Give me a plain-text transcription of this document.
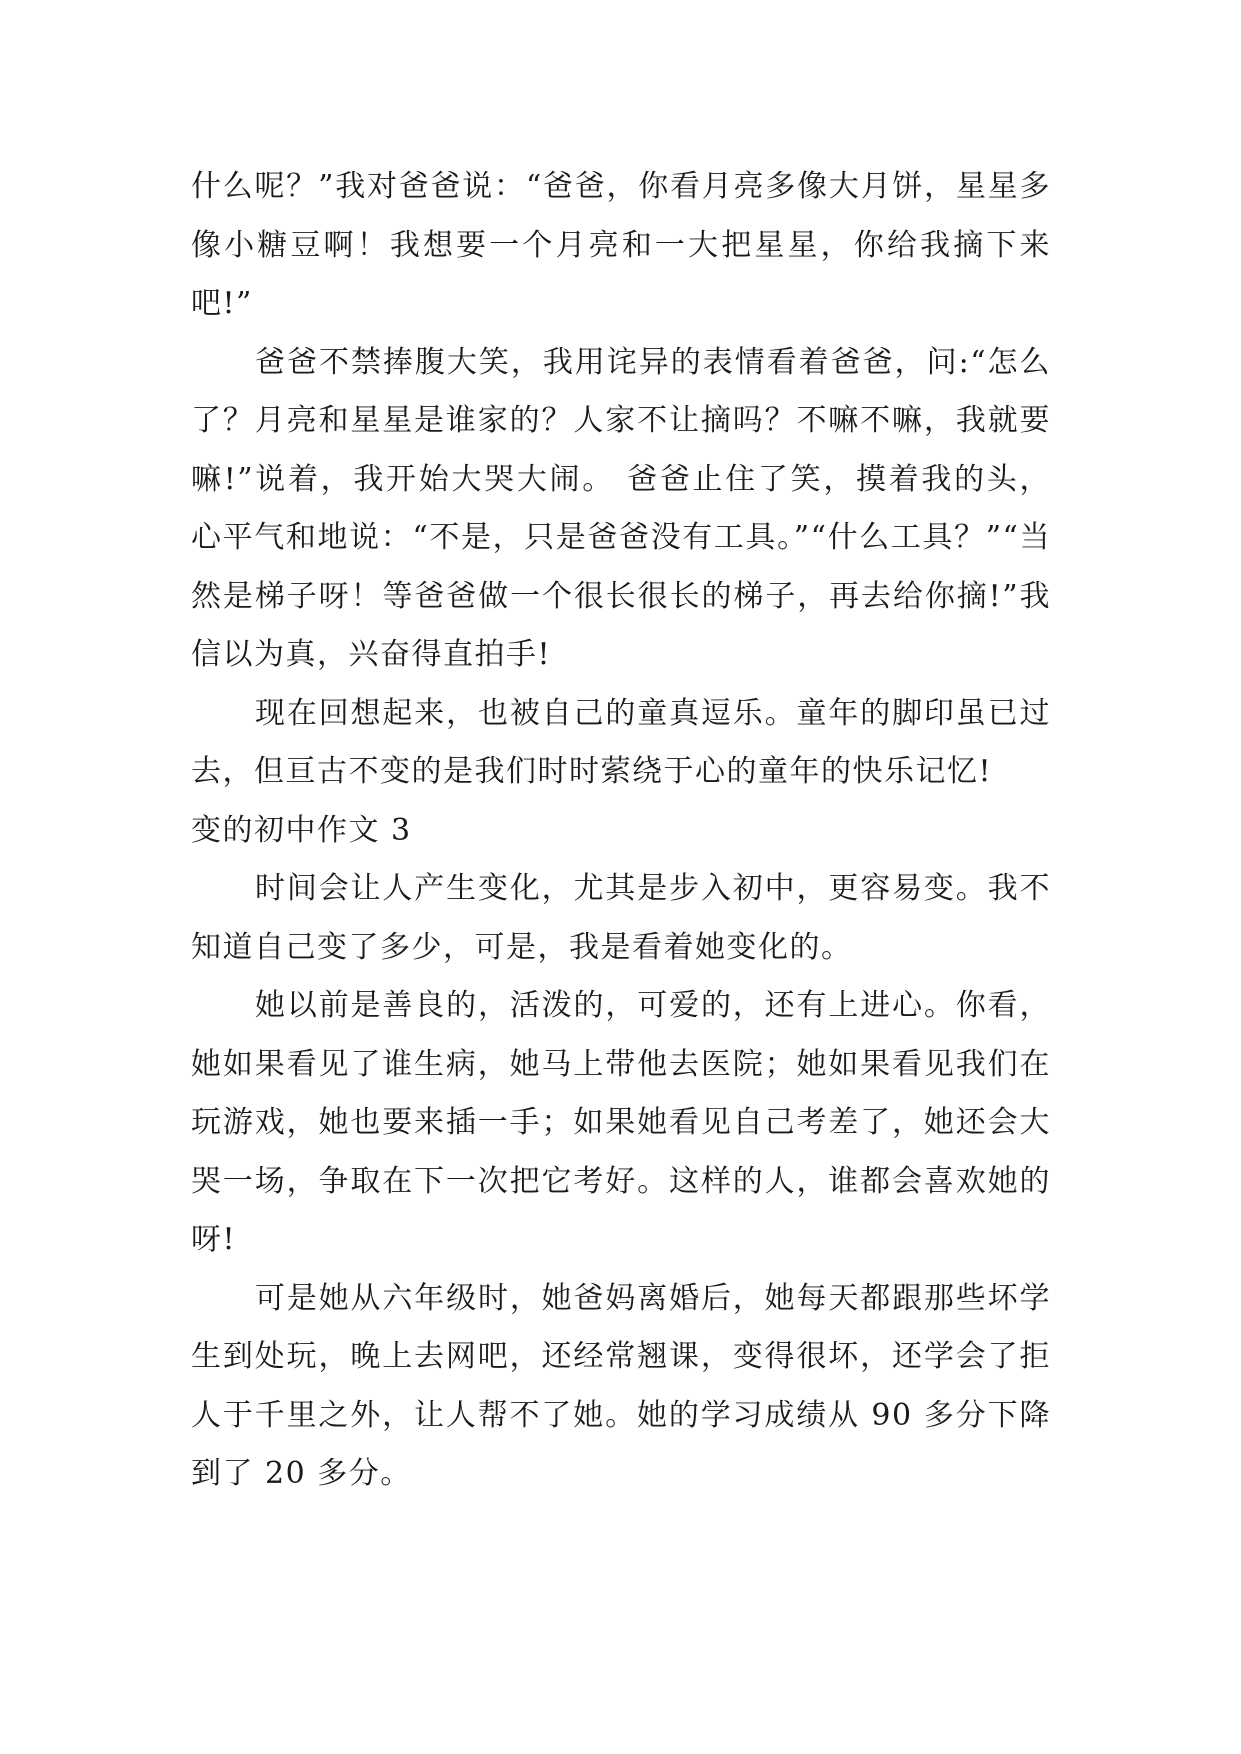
什么呢？”我对爸爸说：“爸爸，你看月亮多像大月饼，星星多像小糖豆啊！我想要一个月亮和一大把星星，你给我摘下来吧!”

爸爸不禁捧腹大笑，我用诧异的表情看着爸爸，问:“怎么了？月亮和星星是谁家的？人家不让摘吗？不嘛不嘛，我就要嘛!”说着，我开始大哭大闹。 爸爸止住了笑，摸着我的头，心平气和地说：“不是，只是爸爸没有工具。”“什么工具？”“当然是梯子呀！等爸爸做一个很长很长的梯子，再去给你摘!”我信以为真，兴奋得直拍手!

现在回想起来，也被自己的童真逗乐。童年的脚印虽已过去，但亘古不变的是我们时时萦绕于心的童年的快乐记忆!

变的初中作文 3

时间会让人产生变化，尤其是步入初中，更容易变。我不知道自己变了多少，可是，我是看着她变化的。

她以前是善良的，活泼的，可爱的，还有上进心。你看，她如果看见了谁生病，她马上带他去医院；她如果看见我们在玩游戏，她也要来插一手；如果她看见自己考差了，她还会大哭一场，争取在下一次把它考好。这样的人，谁都会喜欢她的呀!

可是她从六年级时，她爸妈离婚后，她每天都跟那些坏学生到处玩，晚上去网吧，还经常翘课，变得很坏，还学会了拒人于千里之外，让人帮不了她。她的学习成绩从 90 多分下降到了 20 多分。
